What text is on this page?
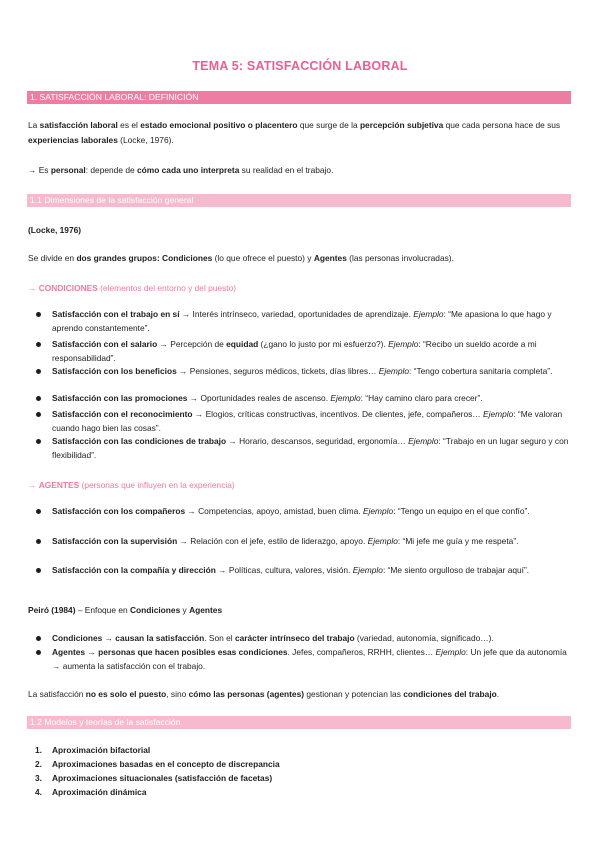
TEMA 5: SATISFACCIÓN LABORAL
1. SATISFACCIÓN LABORAL: DEFINICIÓN
La satisfacción laboral es el estado emocional positivo o placentero que surge de la percepción subjetiva que cada persona hace de sus experiencias laborales (Locke, 1976).
→ Es personal: depende de cómo cada uno interpreta su realidad en el trabajo.
1.1 Dimensiones de la satisfacción general
(Locke, 1976)
Se divide en dos grandes grupos: Condiciones (lo que ofrece el puesto) y Agentes (las personas involucradas).
→ CONDICIONES (elementos del entorno y del puesto)
Satisfacción con el trabajo en sí → Interés intrínseco, variedad, oportunidades de aprendizaje. Ejemplo: “Me apasiona lo que hago y aprendo constantemente”.
Satisfacción con el salario → Percepción de equidad (¿gano lo justo por mi esfuerzo?). Ejemplo: “Recibo un sueldo acorde a mi responsabilidad”.
Satisfacción con los beneficios → Pensiones, seguros médicos, tickets, días libres… Ejemplo: “Tengo cobertura sanitaria completa”.
Satisfacción con las promociones → Oportunidades reales de ascenso. Ejemplo: “Hay camino claro para crecer”.
Satisfacción con el reconocimiento → Elogios, críticas constructivas, incentivos. De clientes, jefe, compañeros… Ejemplo: “Me valoran cuando hago bien las cosas”.
Satisfacción con las condiciones de trabajo → Horario, descansos, seguridad, ergonomía… Ejemplo: “Trabajo en un lugar seguro y con flexibilidad”.
→ AGENTES (personas que influyen en la experiencia)
Satisfacción con los compañeros → Competencias, apoyo, amistad, buen clima. Ejemplo: “Tengo un equipo en el que confío”.
Satisfacción con la supervisión → Relación con el jefe, estilo de liderazgo, apoyo. Ejemplo: “Mi jefe me guía y me respeta”.
Satisfacción con la compañía y dirección → Políticas, cultura, valores, visión. Ejemplo: “Me siento orgulloso de trabajar aquí”.
Peiró (1984) – Enfoque en Condiciones y Agentes
Condiciones → causan la satisfacción. Son el carácter intrínseco del trabajo (variedad, autonomía, significado…).
Agentes → personas que hacen posibles esas condiciones. Jefes, compañeros, RRHH, clientes… Ejemplo: Un jefe que da autonomía → aumenta la satisfacción con el trabajo.
La satisfacción no es solo el puesto, sino cómo las personas (agentes) gestionan y potencian las condiciones del trabajo.
1.2 Modelos y teorías de la satisfacción
1. Aproximación bifactorial
2. Aproximaciones basadas en el concepto de discrepancia
3. Aproximaciones situacionales (satisfacción de facetas)
4. Aproximación dinámica
